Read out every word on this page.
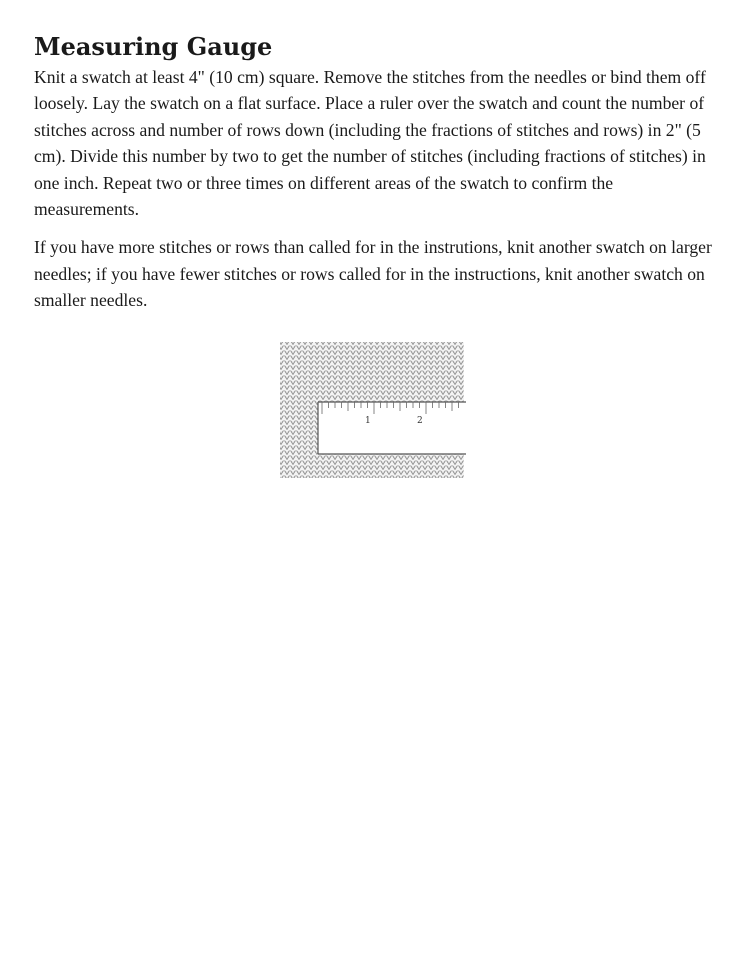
Measuring Gauge

Knit a swatch at least 4" (10 cm) square. Remove the stitches from the needles or bind them off loosely. Lay the swatch on a flat surface. Place a ruler over the swatch and count the number of stitches across and number of rows down (including the fractions of stitches and rows) in 2" (5 cm). Divide this number by two to get the number of stitches (including fractions of stitches) in one inch. Repeat two or three times on different areas of the swatch to confirm the measurements.

If you have more stitches or rows than called for in the instrutions, knit another swatch on larger needles; if you have fewer stitches or rows called for in the instructions, knit another swatch on smaller needles.

1	2
